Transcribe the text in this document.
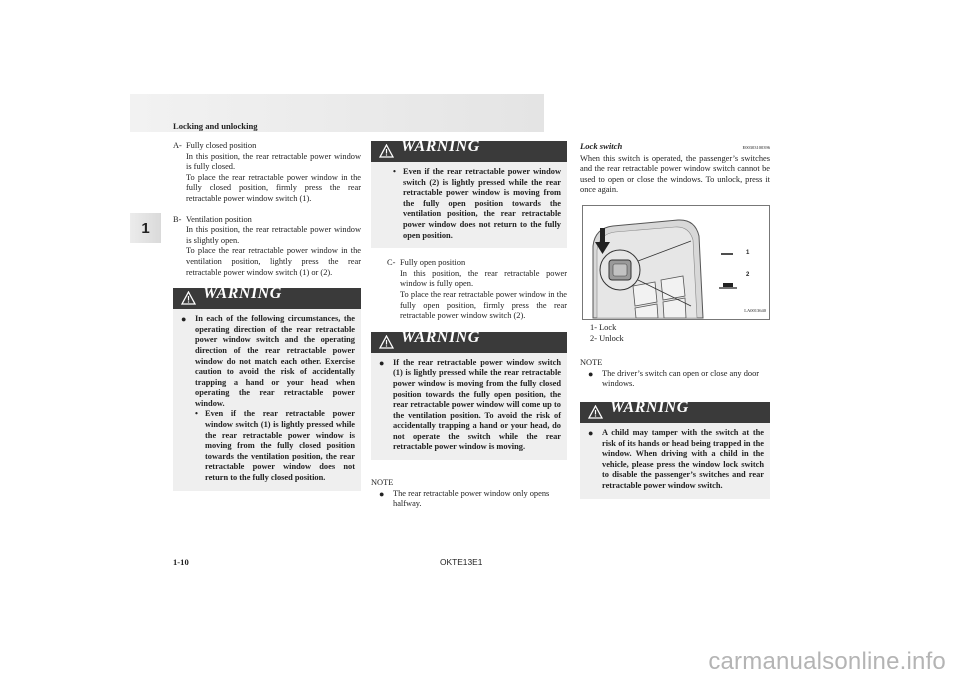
Locking and unlocking
1
A- Fully closed position

In this position, the rear retractable power window is fully closed.

To place the rear retractable power window in the fully closed position, firmly press the rear retractable power window switch (1).

B- Ventilation position

In this position, the rear retractable power window is slightly open.

To place the rear retractable power window in the ventilation position, lightly press the rear retractable power window switch (1) or (2).

WARNING
●	In each of the following circumstances, the operating direction of the rear retractable power window switch and the operating direction of the rear retractable power window do not match each other. Exercise caution to avoid the risk of accidentally trapping a hand or your head when operating the rear retractable power window.
• Even if the rear retractable power window switch (1) is lightly pressed while the rear retractable power window is moving from the fully closed position towards the ventilation position, the rear retractable power window does not return to the fully closed position.
WARNING
• Even if the rear retractable power window switch (2) is lightly pressed while the rear retractable power window is moving from the fully open position towards the ventilation position, the rear retractable power window does not return to the fully open position.
C- Fully open position

In this position, the rear retractable power window is fully open.

To place the rear retractable power window in the fully open position, firmly press the rear retractable power window switch (2).

WARNING
●	If the rear retractable power window switch (1) is lightly pressed while the rear retractable power window is moving from the fully closed position towards the fully open position, the rear retractable power window will come up to the ventilation position. To avoid the risk of accidentally trapping a hand or your head, do not operate the switch while the rear retractable power window is moving.
NOTE
●	The rear retractable power window only opens halfway.
Lock switch	E00303100396
When this switch is operated, the passenger’s switches and the rear retractable power window switch cannot be used to open or close the windows. To unlock, press it once again.
1
2
LA0013640
1- Lock
2- Unlock
NOTE
●	The driver’s switch can open or close any door windows.
WARNING
●	A child may tamper with the switch at the risk of its hands or head being trapped in the window. When driving with a child in the vehicle, please press the window lock switch to disable the passenger’s switches and rear retractable power window switch.
1-10	OKTE13E1
carmanualsonline.info
